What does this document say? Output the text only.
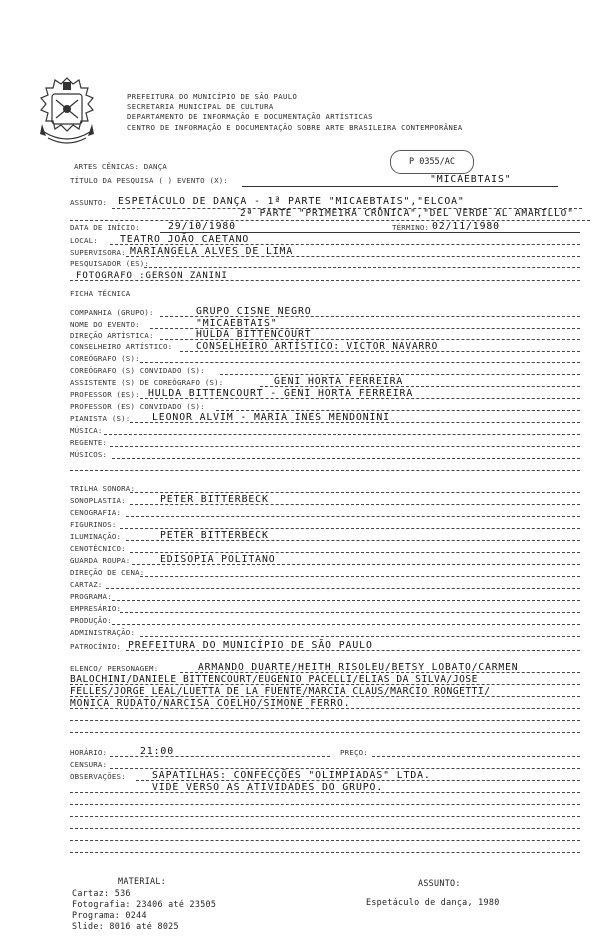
PREFEITURA DO MUNICÍPIO DE SÃO PAULO
SECRETARIA MUNICIPAL DE CULTURA
DEPARTAMENTO DE INFORMAÇÃO E DOCUMENTAÇÃO ARTÍSTICAS
CENTRO DE INFORMAÇÃO E DOCUMENTAÇÃO SOBRE ARTE BRASILEIRA CONTEMPORÂNEA
P 0355/AC
ARTES CÊNICAS: DANÇA
TÍTULO DA PESQUISA ( ) EVENTO (X):	"MICAEBTAIS"
ASSUNTO: ESPETÁCULO DE DANÇA - 1ª PARTE "MICAEBTAIS","ELCOA"
2ª PARTE "PRIMEIRA CRÔNICA","DEL VERDE AL AMARILLO"
DATA DE INÍCIO:	29/10/1980	TÉRMINO: 02/11/1980
LOCAL: TEATRO JOÃO CAETANO
SUPERVISORA: MARIANGELA ALVES DE LIMA
PESQUISADOR (ES):
FOTOGRAFO :GERSON ZANINI
FICHA TÉCNICA
COMPANHIA (GRUPO):	GRUPO CISNE NEGRO
NOME DO EVENTO:	"MICAEBTAIS"
DIREÇÃO ARTÍSTICA:	HULDA BITTENCOURT
CONSELHEIRO ARTÍSTICO:	CONSELHEIRO ARTÍSTICO: VICTOR NAVARRO
COREÓGRAFO (S):
COREÓGRAFO (S) CONVIDADO (S):
ASSISTENTE (S) DE COREÓGRAFO (S):	GENI HORTA FERREIRA
PROFESSOR (ES): HULDA BITTENCOURT - GENI HORTA FERREIRA
PROFESSOR (ES) CONVIDADO (S):
PIANISTA (S): LEONOR ALVIM - MARIA INES MENDONINI
MÚSICA:
REGENTE:
MÚSICOS:
TRILHA SONORA:
SONOPLASTIA:	PETER BITTERBECK
CENOGRAFIA:
FIGURINOS:
ILUMINAÇÃO:	PETER BITTERBECK
CENOTÉCNICO:
GUARDA ROUPA:	EDISOPIA POLITANO
DIREÇÃO DE CENA:
CARTAZ:
PROGRAMA:
EMPRESÁRIO:
PRODUÇÃO:
ADMINISTRAÇÃO:
PATROCÍNIO: PREFEITURA DO MUNICÍPIO DE SÃO PAULO
ELENCO/ PERSONAGEM:	ARMANDO DUARTE/HEITH RISOLEU/BETSY LOBATO/CARMEN
BALOCHINI/DANIELE BITTENCOURT/EUGENIO PACELLI/ELIAS DA SILVA/JOSE
FELLES/JORGE LEAL/LUETTA DE LA FUENTE/MARCIA CLAUS/MARCIO RONGETTI/
MONICA RUDATO/NARCISA COELHO/SIMONE FERRO.
HORÁRIO:	21:00	PREÇO:
CENSURA:
OBSERVAÇÕES:	SAPATILHAS: CONFECÇÕES "OLIMPIADAS" LTDA.
VIDE VERSO AS ATIVIDADES DO GRUPO.
MATERIAL:
Cartaz: 536
Fotografia: 23406 até 23505
Programa: 0244
Slide: 8016 até 8025
ASSUNTO:
Espetáculo de dança, 1980
